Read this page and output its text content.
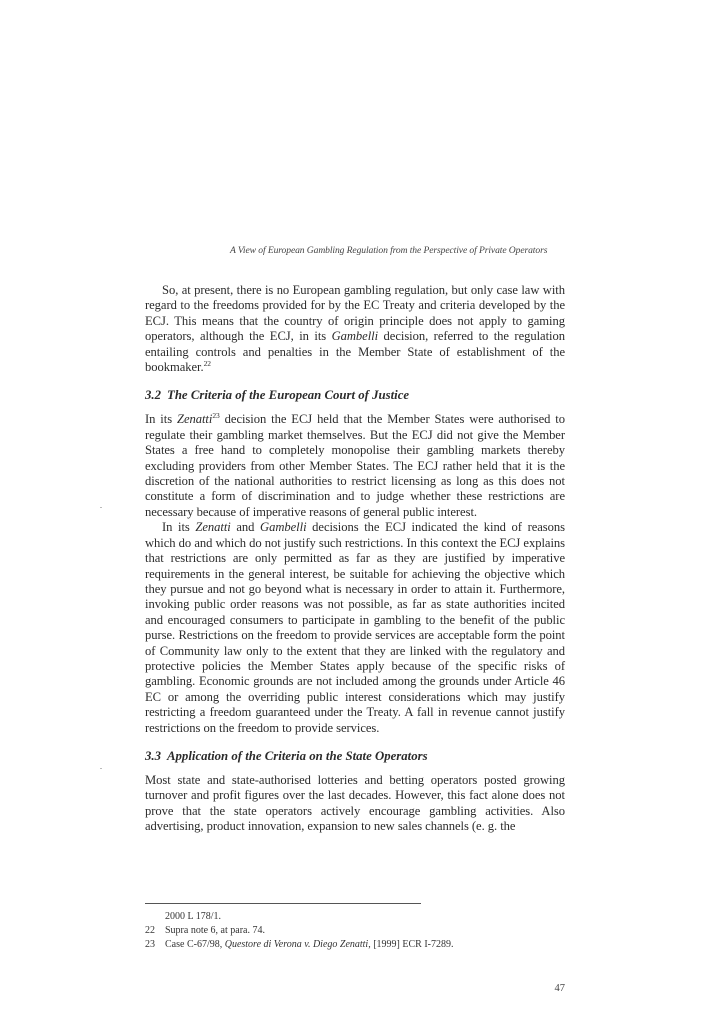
A View of European Gambling Regulation from the Perspective of Private Operators

So, at present, there is no European gambling regulation, but only case law with regard to the freedoms provided for by the EC Treaty and criteria developed by the ECJ. This means that the country of origin principle does not apply to gaming operators, although the ECJ, in its Gambelli decision, referred to the regulation entailing controls and penalties in the Member State of establishment of the bookmaker.$^{22}$

3.2 The Criteria of the European Court of Justice

In its Zenatti$^{23}$ decision the ECJ held that the Member States were authorised to regulate their gambling market themselves. But the ECJ did not give the Member States a free hand to completely monopolise their gambling markets thereby excluding providers from other Member States. The ECJ rather held that it is the discretion of the national authorities to restrict licensing as long as this does not constitute a form of discrimination and to judge whether these restrictions are necessary because of imperative reasons of general public interest.

In its Zenatti and Gambelli decisions the ECJ indicated the kind of reasons which do and which do not justify such restrictions. In this context the ECJ explains that restrictions are only permitted as far as they are justified by imperative requirements in the general interest, be suitable for achieving the objective which they pursue and not go beyond what is necessary in order to attain it. Furthermore, invoking public order reasons was not possible, as far as state authorities incited and encouraged consumers to participate in gambling to the benefit of the public purse. Restrictions on the freedom to provide services are acceptable form the point of Community law only to the extent that they are linked with the regulatory and protective policies the Member States apply because of the specific risks of gambling. Economic grounds are not included among the grounds under Article 46 EC or among the overriding public interest considerations which may justify restricting a freedom guaranteed under the Treaty. A fall in revenue cannot justify restrictions on the freedom to provide services.

3.3 Application of the Criteria on the State Operators

Most state and state-authorised lotteries and betting operators posted growing turnover and profit figures over the last decades. However, this fact alone does not prove that the state operators actively encourage gambling activities. Also advertising, product innovation, expansion to new sales channels (e. g. the

2000 L 178/1.

22 Supra note 6, at para. 74.

23 Case C-67/98, Questore di Verona v. Diego Zenatti, [1999] ECR I-7289.

47
